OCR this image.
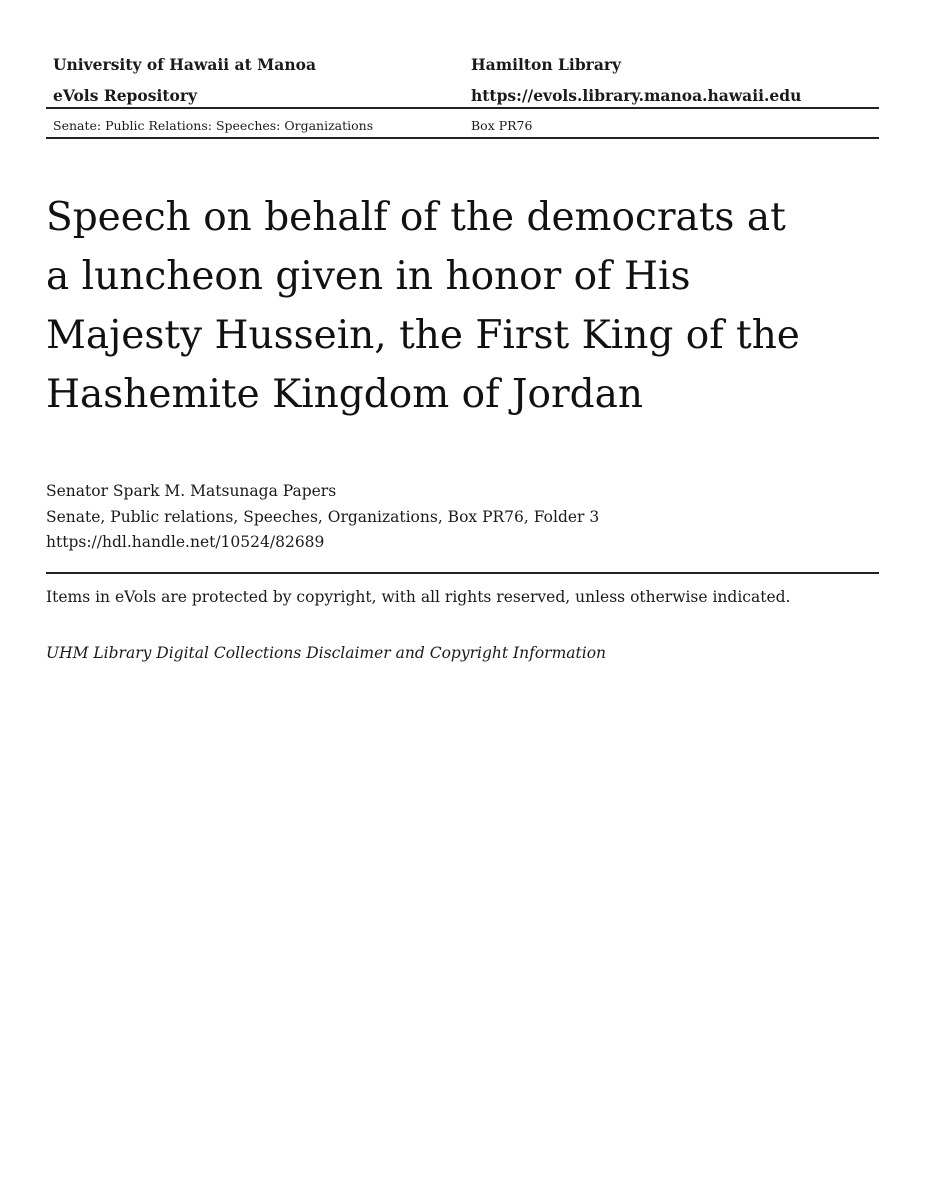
University of Hawaii at Manoa	Hamilton Library
eVols Repository	https://evols.library.manoa.hawaii.edu
Senate: Public Relations: Speeches: Organizations	Box PR76
Speech on behalf of the democrats at a luncheon given in honor of His Majesty Hussein, the First King of the Hashemite Kingdom of Jordan
Senator Spark M. Matsunaga Papers
Senate, Public relations, Speeches, Organizations, Box PR76, Folder 3
https://hdl.handle.net/10524/82689
Items in eVols are protected by copyright, with all rights reserved, unless otherwise indicated.
UHM Library Digital Collections Disclaimer and Copyright Information
